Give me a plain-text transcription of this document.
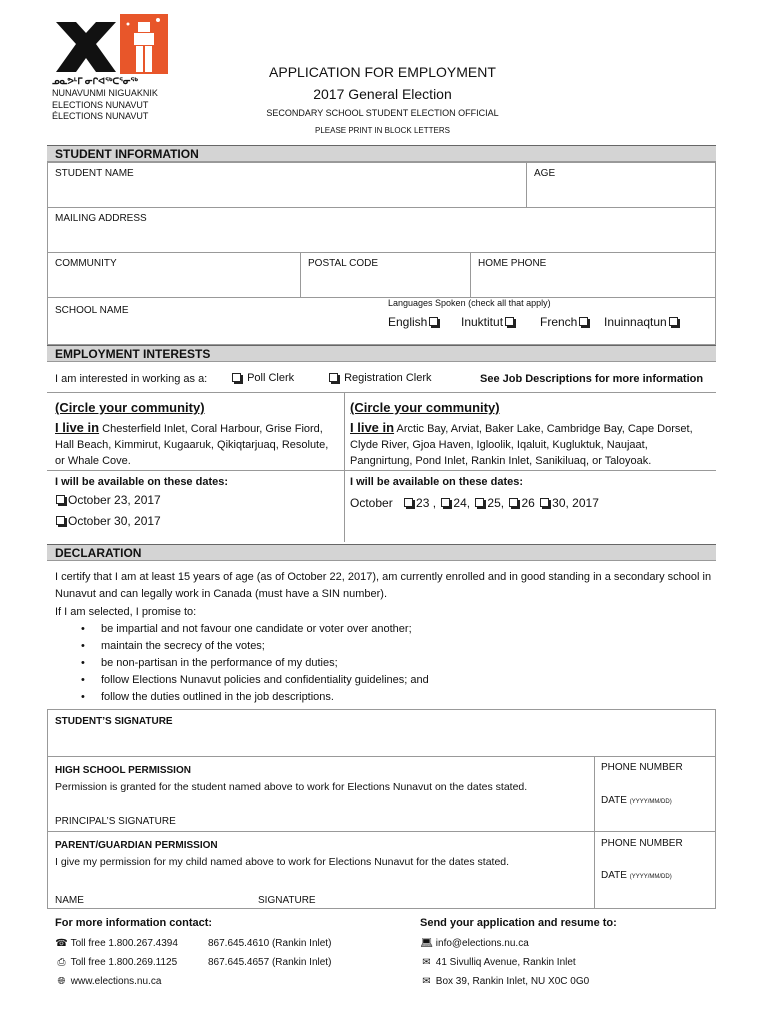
ᓄᓇᕗᒻᒥ ᓂᒋᐊᖅᑕᕐᓂᖅ
NUNAVUNMI NIGUAKNIK
ELECTIONS NUNAVUT
ÉLECTIONS NUNAVUT
APPLICATION FOR EMPLOYMENT
2017 General Election
SECONDARY SCHOOL STUDENT ELECTION OFFICIAL
PLEASE PRINT IN BLOCK LETTERS
STUDENT INFORMATION
STUDENT NAME	AGE
MAILING ADDRESS
COMMUNITY	POSTAL CODE	HOME PHONE
SCHOOL NAME
Languages Spoken (check all that apply)
English	Inuktitut	French	Inuinnaqtun
EMPLOYMENT INTERESTS
I am interested in working as a:	Poll Clerk	Registration Clerk	See Job Descriptions for more information
(Circle your community)
I live in Chesterfield Inlet, Coral Harbour, Grise Fiord, Hall Beach, Kimmirut, Kugaaruk, Qikiqtarjuaq, Resolute, or Whale Cove.
I will be available on these dates:
October 23, 2017
October 30, 2017
(Circle your community)
I live in Arctic Bay, Arviat, Baker Lake, Cambridge Bay, Cape Dorset, Clyde River, Gjoa Haven, Igloolik, Iqaluit, Kugluktuk, Naujaat, Pangnirtung, Pond Inlet, Rankin Inlet, Sanikiluaq, or Taloyoak.
I will be available on these dates:
October 23 , 24, 25, 26 30, 2017
DECLARATION
I certify that I am at least 15 years of age (as of October 22, 2017), am currently enrolled and in good standing in a secondary school in Nunavut and can legally work in Canada (must have a SIN number).
If I am selected, I promise to:
• be impartial and not favour one candidate or voter over another;
• maintain the secrecy of the votes;
• be non-partisan in the performance of my duties;
• follow Elections Nunavut policies and confidentiality guidelines; and
• follow the duties outlined in the job descriptions.
STUDENT’S SIGNATURE
HIGH SCHOOL PERMISSION
Permission is granted for the student named above to work for Elections Nunavut on the dates stated.
PRINCIPAL’S SIGNATURE
PHONE NUMBER
DATE (YYYY/MM/DD)
PARENT/GUARDIAN PERMISSION
I give my permission for my child named above to work for Elections Nunavut for the dates stated.
NAME	SIGNATURE
PHONE NUMBER
DATE (YYYY/MM/DD)
For more information contact:
☎ Toll free 1.800.267.4394	867.645.4610 (Rankin Inlet)
⎙ Toll free 1.800.269.1125	867.645.4657 (Rankin Inlet)
🌐︎ www.elections.nu.ca
Send your application and resume to:
💻︎ info@elections.nu.ca
✉ 41 Sivulliq Avenue, Rankin Inlet
✉ Box 39, Rankin Inlet, NU X0C 0G0
